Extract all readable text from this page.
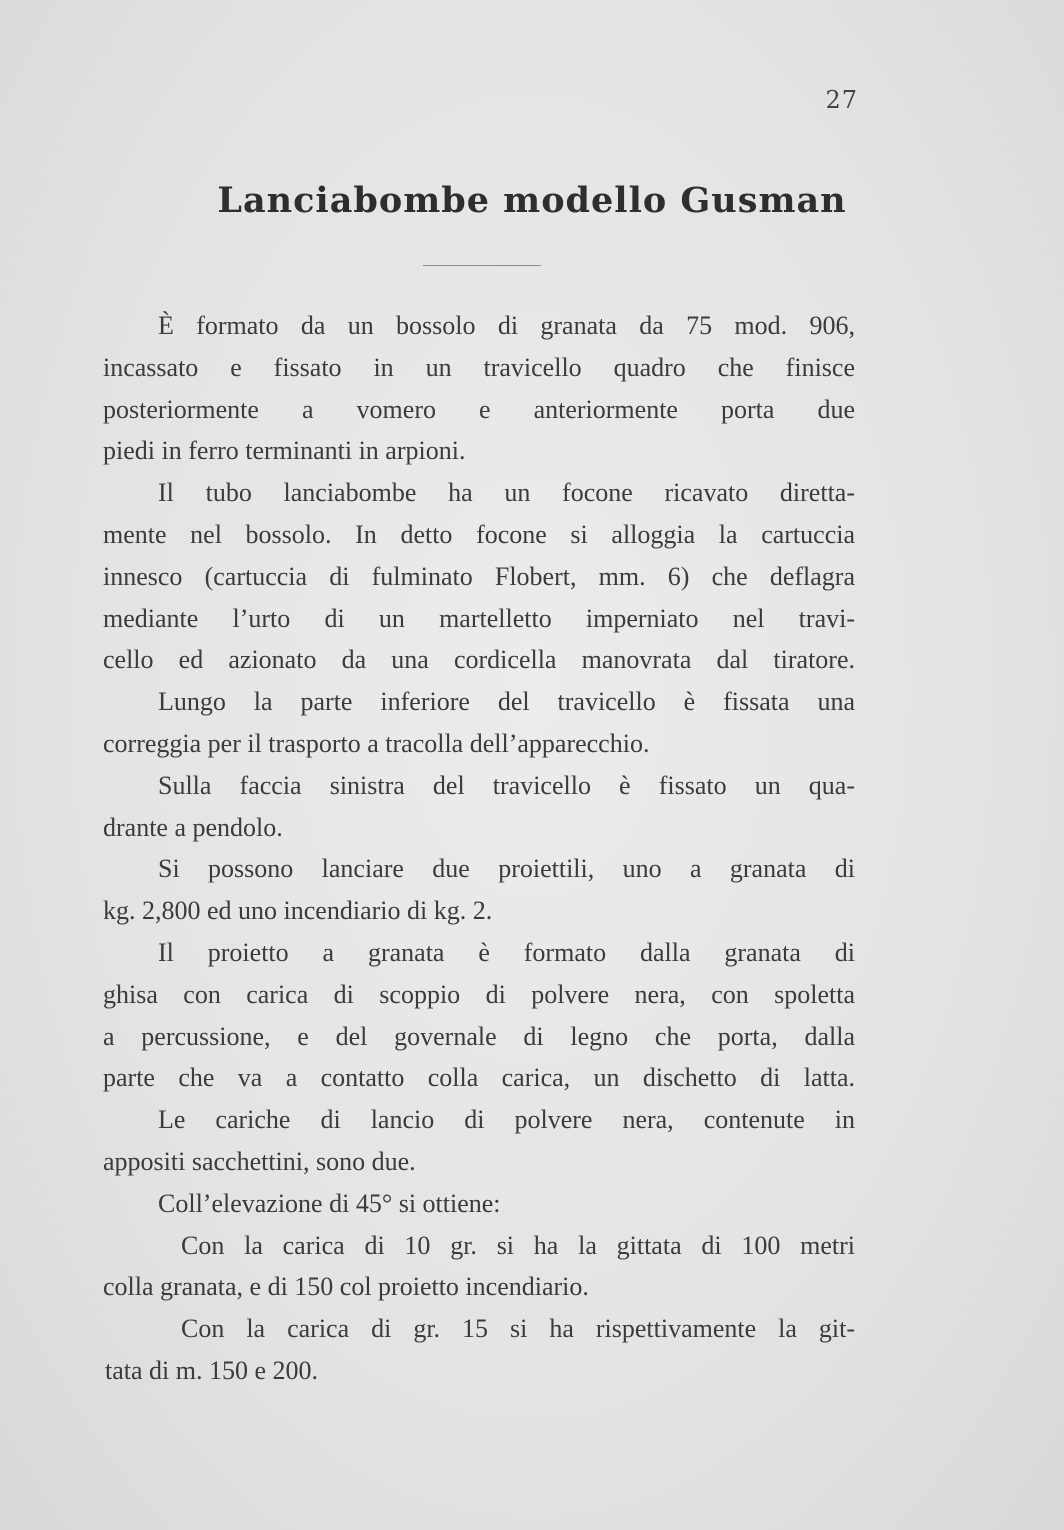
27
Lanciabombe modello Gusman
È formato da un bossolo di granata da 75 mod. 906,
incassato e fissato in un travicello quadro che finisce
posteriormente a vomero e anteriormente porta due
piedi in ferro terminanti in arpioni.
Il tubo lanciabombe ha un focone ricavato diretta-
mente nel bossolo. In detto focone si alloggia la cartuccia
innesco (cartuccia di fulminato Flobert, mm. 6) che deflagra
mediante l’urto di un martelletto imperniato nel travi-
cello ed azionato da una cordicella manovrata dal tiratore.
Lungo la parte inferiore del travicello è fissata una
correggia per il trasporto a tracolla dell’apparecchio.
Sulla faccia sinistra del travicello è fissato un qua-
drante a pendolo.
Si possono lanciare due proiettili, uno a granata di
kg. 2,800 ed uno incendiario di kg. 2.
Il proietto a granata è formato dalla granata di
ghisa con carica di scoppio di polvere nera, con spoletta
a percussione, e del governale di legno che porta, dalla
parte che va a contatto colla carica, un dischetto di latta.
Le cariche di lancio di polvere nera, contenute in
appositi sacchettini, sono due.
Coll’elevazione di 45° si ottiene:
Con la carica di 10 gr. si ha la gittata di 100 metri
colla granata, e di 150 col proietto incendiario.
Con la carica di gr. 15 si ha rispettivamente la git-
tata di m. 150 e 200.
